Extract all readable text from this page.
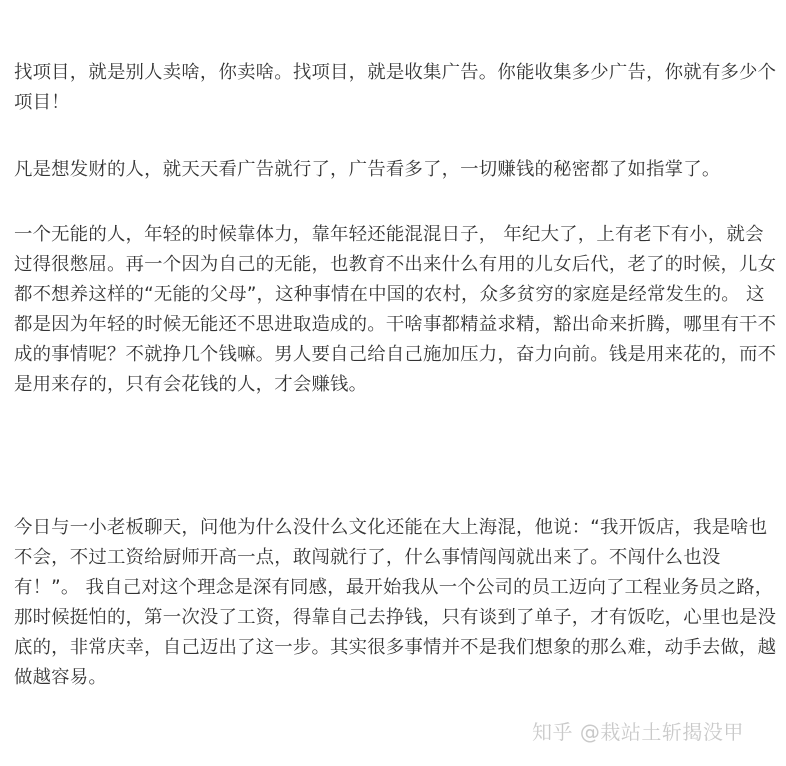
找项目，就是别人卖啥，你卖啥。找项目，就是收集广告。你能收集多少广告，你就有多少个项目！

凡是想发财的人，就天天看广告就行了，广告看多了，一切赚钱的秘密都了如指掌了。

一个无能的人，年轻的时候靠体力，靠年轻还能混混日子， 年纪大了，上有老下有小，就会过得很憋屈。再一个因为自己的无能，也教育不出来什么有用的儿女后代，老了的时候，儿女都不想养这样的“无能的父母”，这种事情在中国的农村，众多贫穷的家庭是经常发生的。 这都是因为年轻的时候无能还不思进取造成的。干啥事都精益求精，豁出命来折腾，哪里有干不成的事情呢？不就挣几个钱嘛。男人要自己给自己施加压力，奋力向前。钱是用来花的，而不是用来存的，只有会花钱的人，才会赚钱。

今日与一小老板聊天，问他为什么没什么文化还能在大上海混，他说：“我开饭店，我是啥也不会，不过工资给厨师开高一点，敢闯就行了，什么事情闯闯就出来了。不闯什么也没有！”。 我自己对这个理念是深有同感，最开始我从一个公司的员工迈向了工程业务员之路，那时候挺怕的，第一次没了工资，得靠自己去挣钱，只有谈到了单子，才有饭吃，心里也是没底的，非常庆幸，自己迈出了这一步。其实很多事情并不是我们想象的那么难，动手去做，越做越容易。

知乎 @栽站土斩揭没甲
